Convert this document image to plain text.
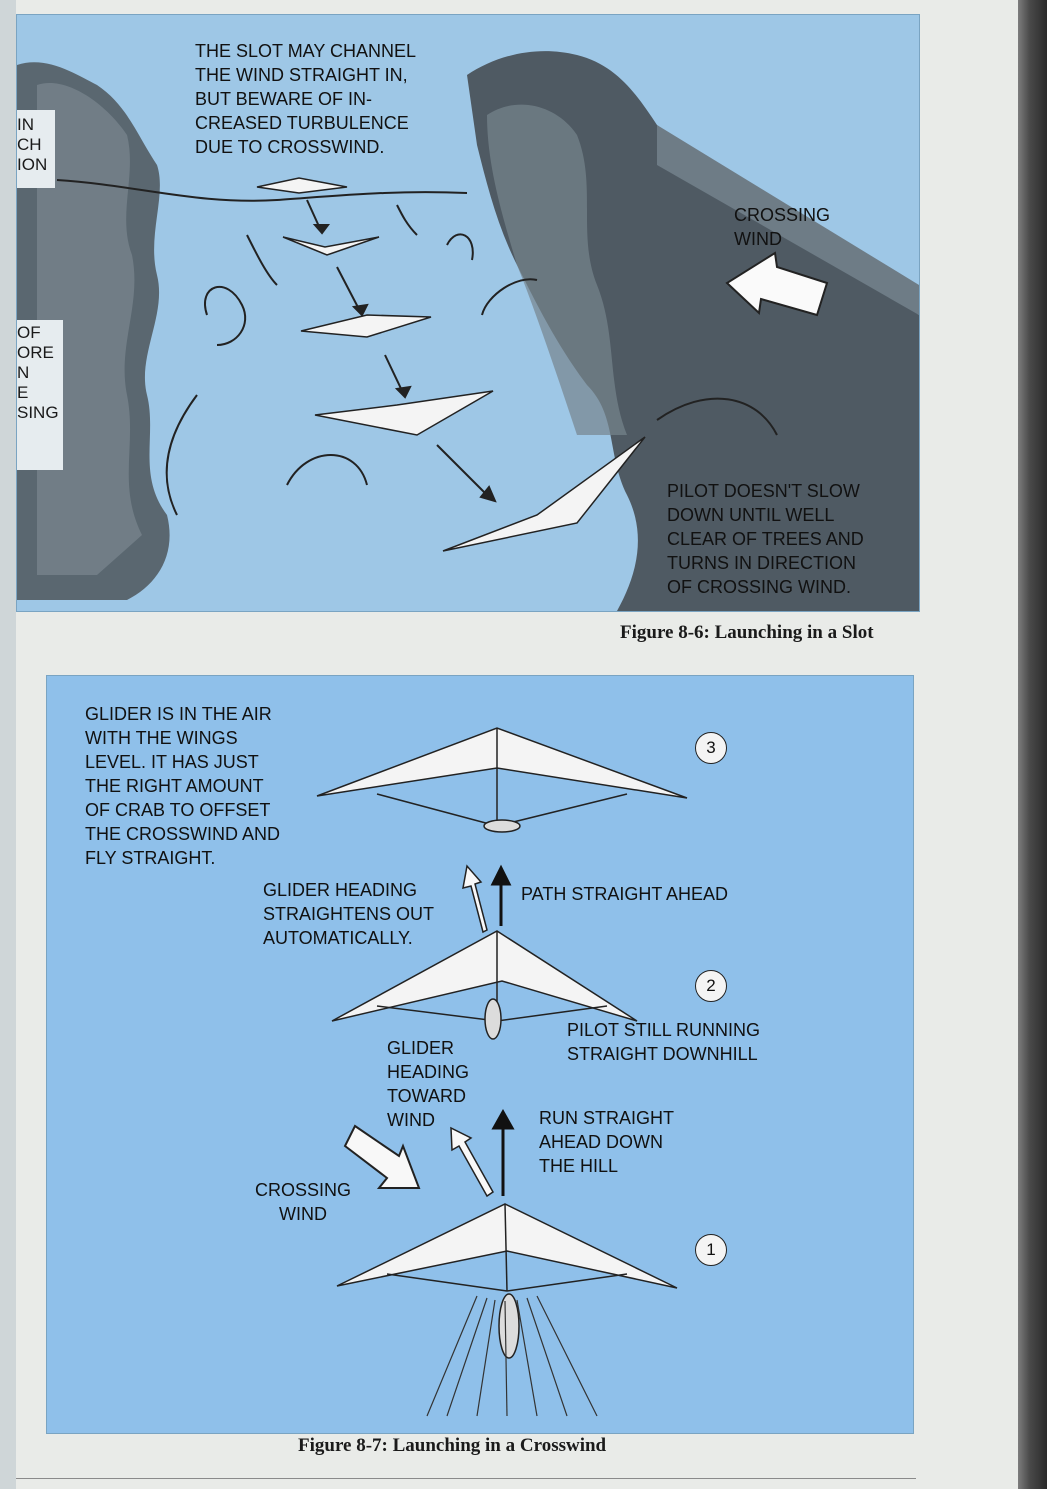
THE SLOT MAY CHANNEL
THE WIND STRAIGHT IN,
BUT BEWARE OF IN-
CREASED TURBULENCE
DUE TO CROSSWIND.
CROSSING
WIND
PILOT DOESN'T SLOW
DOWN UNTIL WELL
CLEAR OF TREES AND
TURNS IN DIRECTION
OF CROSSING WIND.
IN
CH
ION
OF
ORE
N
E
SING
Figure 8-6: Launching in a Slot
GLIDER IS IN THE AIR
WITH THE WINGS
LEVEL. IT HAS JUST
THE RIGHT AMOUNT
OF CRAB TO OFFSET
THE CROSSWIND AND
FLY STRAIGHT.
GLIDER HEADING
STRAIGHTENS OUT
AUTOMATICALLY.
PATH STRAIGHT AHEAD
PILOT STILL RUNNING
STRAIGHT DOWNHILL
GLIDER
HEADING
TOWARD
WIND	RUN STRAIGHT
AHEAD DOWN
THE HILL
CROSSING
WIND
3
2
1
Figure 8-7: Launching in a Crosswind
